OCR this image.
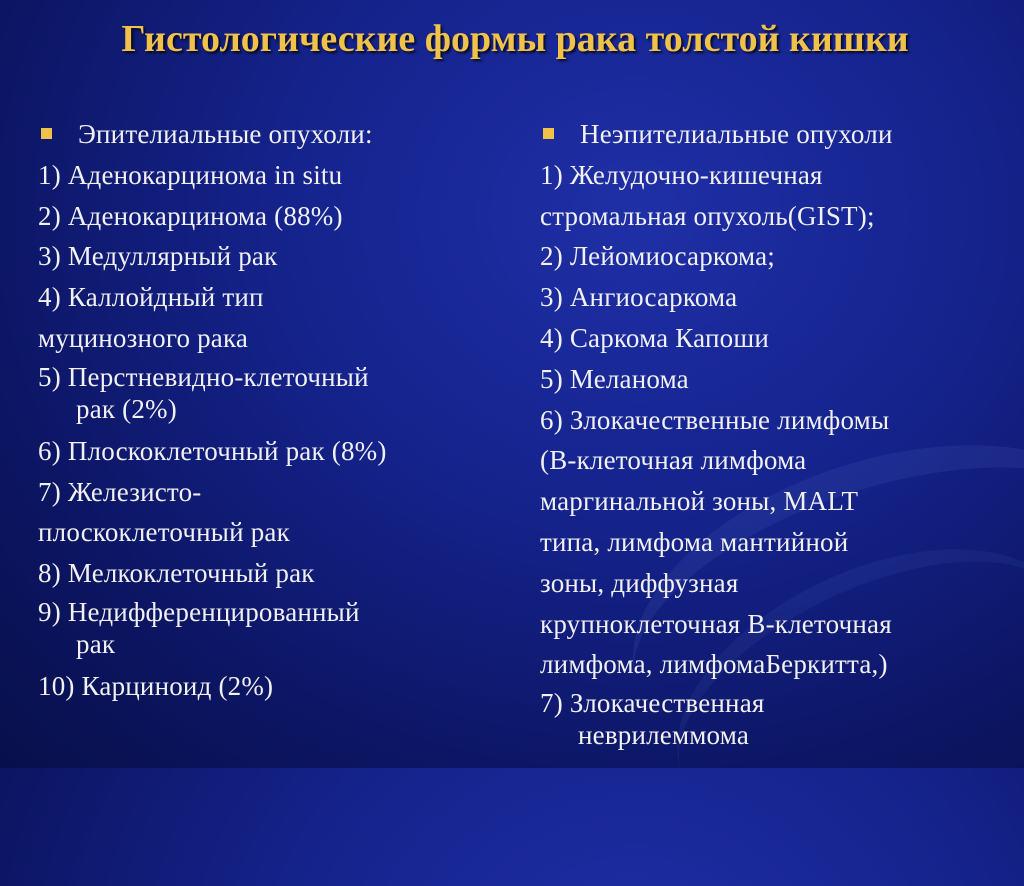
Гистологические формы рака толстой кишки
Эпителиальные опухоли:
1) Аденокарцинома in situ
2) Аденокарцинома (88%)
3) Медуллярный рак
4) Каллойдный тип
муцинозного рака
5) Перстневидно-клеточный
рак (2%)
6) Плоскоклеточный рак (8%)
7) Железисто-
плоскоклеточный рак
8) Мелкоклеточный рак
9) Недифференцированный
рак
10) Карциноид (2%)
Неэпителиальные опухоли
1) Желудочно-кишечная
стромальная опухоль(GIST);
2) Лейомиосаркома;
3) Ангиосаркома
4) Саркома Капоши
5) Меланома
6) Злокачественные лимфомы
(В-клеточная лимфома
маргинальной зоны, MALT
типа, лимфома мантийной
зоны, диффузная
крупноклеточная В-клеточная
лимфома, лимфомаБеркитта,)
7) Злокачественная
неврилеммома
